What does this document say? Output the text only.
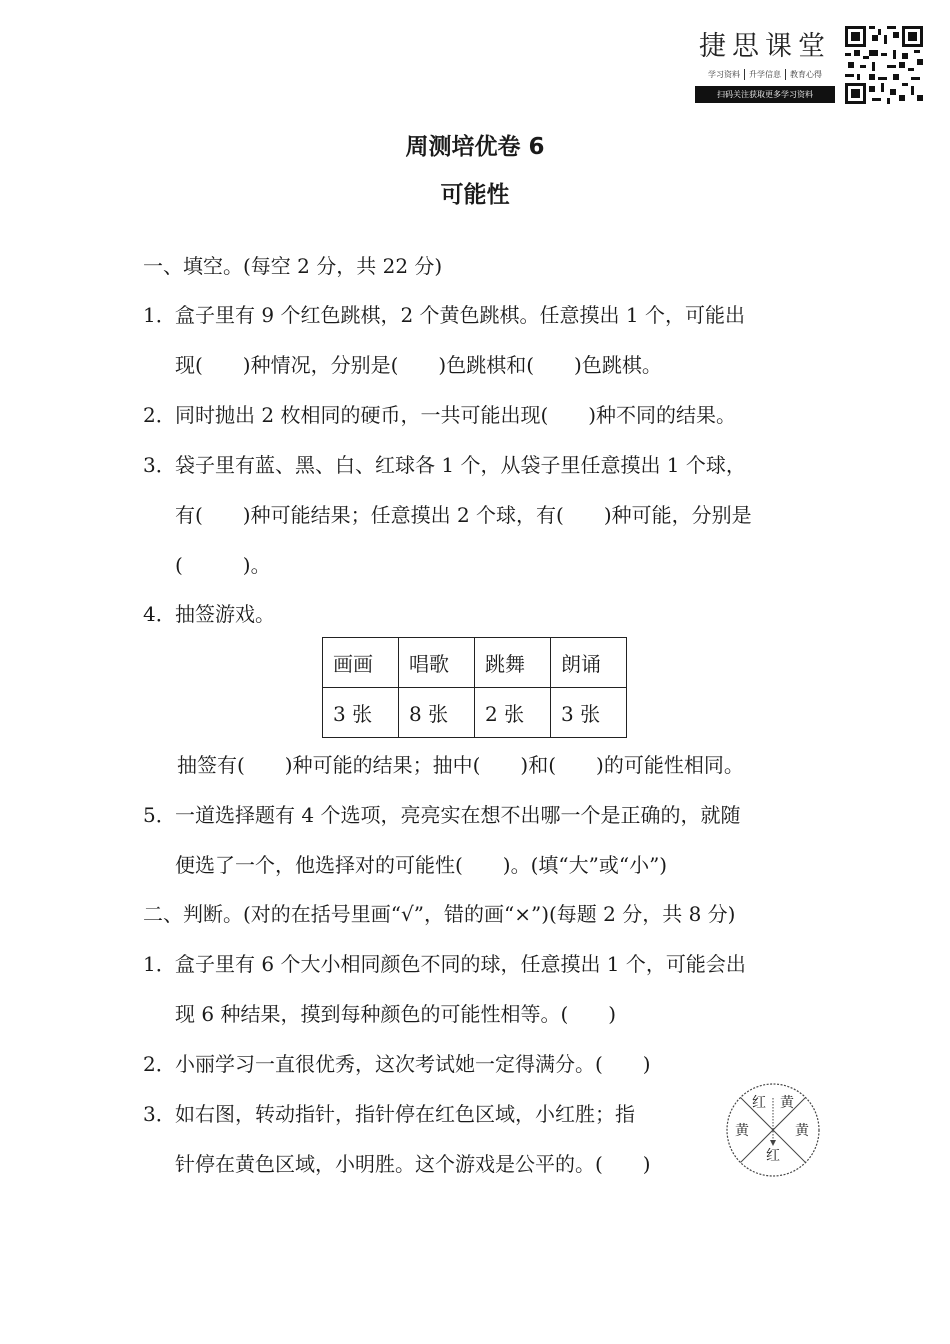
捷思课堂
学习资料	升学信息	教育心得
扫码关注获取更多学习资料
周测培优卷 6
可能性
一、填空。(每空 2 分，共 22 分)
1．盒子里有 9 个红色跳棋，2 个黄色跳棋。任意摸出 1 个，可能出
现(　　)种情况，分别是(　　)色跳棋和(　　)色跳棋。
2．同时抛出 2 枚相同的硬币，一共可能出现(　　)种不同的结果。
3．袋子里有蓝、黑、白、红球各 1 个，从袋子里任意摸出 1 个球，
有(　　)种可能结果；任意摸出 2 个球，有(　　)种可能，分别是
(　　　)。
4．抽签游戏。
画画	唱歌	跳舞	朗诵
3 张	8 张	2 张	3 张
抽签有(　　)种可能的结果；抽中(　　)和(　　)的可能性相同。
5．一道选择题有 4 个选项，亮亮实在想不出哪一个是正确的，就随
便选了一个，他选择对的可能性(　　)。(填“大”或“小”)
二、判断。(对的在括号里画“√”，错的画“×”)(每题 2 分，共 8 分)
1．盒子里有 6 个大小相同颜色不同的球，任意摸出 1 个，可能会出
现 6 种结果，摸到每种颜色的可能性相等。(　　)
2．小丽学习一直很优秀，这次考试她一定得满分。(　　)
3．如右图，转动指针，指针停在红色区域，小红胜；指
针停在黄色区域，小明胜。这个游戏是公平的。(　　)
红 黄
黄	黄
红
